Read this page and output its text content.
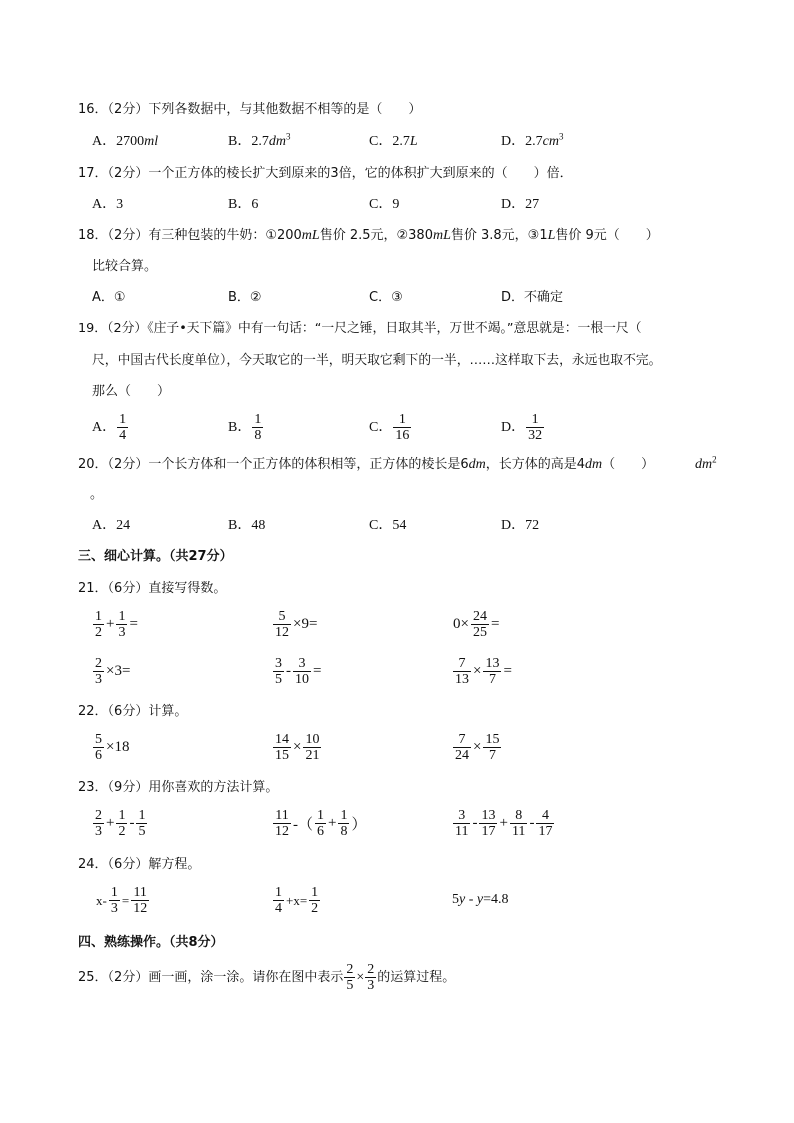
16．（2分）下列各数据中，与其他数据不相等的是（　　）
A．2700ml	B．$2.7dm^3$	C．2.7L	D．$2.7cm^3$
17．（2分）一个正方体的棱长扩大到原来的3倍，它的体积扩大到原来的（　　）倍．
A．3	B．6	C．9	D．27
18．（2分）有三种包装的牛奶：①200mL售价 2.5元，②380mL售价 3.8元，③1L售价 9元（　　）
比较合算。
A．①	B．②	C．③	D．不确定
19．（2分）《庄子•天下篇》中有一句话：“一尺之锤，日取其半，万世不竭。”意思就是：一根一尺（
尺，中国古代长度单位），今天取它的一半，明天取它剩下的一半，……这样取下去，永远也取不完。
那么（　　）
A． $\frac{1}{4}$	B． $\frac{1}{8}$	C． $\frac{1}{16}$	D． $\frac{1}{32}$
20．（2分）一个长方体和一个正方体的体积相等，正方体的棱长是6dm，长方体的高是4dm（　　）	$dm^2$
。
A．24	B．48	C．54	D．72
三、细心计算。（共27分）
21．（6分）直接写得数。
$\frac{1}{2} + \frac{1}{3}$ =	$\frac{5}{12} \times 9=$	$0\times \frac{24}{25}$ =
$\frac{2}{3} \times 3=$	$\frac{3}{5} - \frac{3}{10}$ =	$\frac{7}{13} \times \frac{13}{7}$ =
22．（6分）计算。
$\frac{5}{6} \times 18$	$\frac{14}{15} \times \frac{10}{21}$	$\frac{7}{24} \times \frac{15}{7}$
23．（9分）用你喜欢的方法计算。
$\frac{2}{3} + \frac{1}{2} - \frac{1}{5}$	$\frac{11}{12}$ -（ $\frac{1}{6} + \frac{1}{8}$ ）	$\frac{3}{11} - \frac{13}{17} + \frac{8}{11} - \frac{4}{17}$
24．（6分）解方程。
$x- \frac{1}{3} = \frac{11}{12}$	$\frac{1}{4} +x= \frac{1}{2}$	5y - y=4.8
四、熟练操作。（共8分）
25．（2分）画一画，涂一涂。请你在图中表示 $\frac{2}{5} \times \frac{2}{3}$ 的运算过程。
